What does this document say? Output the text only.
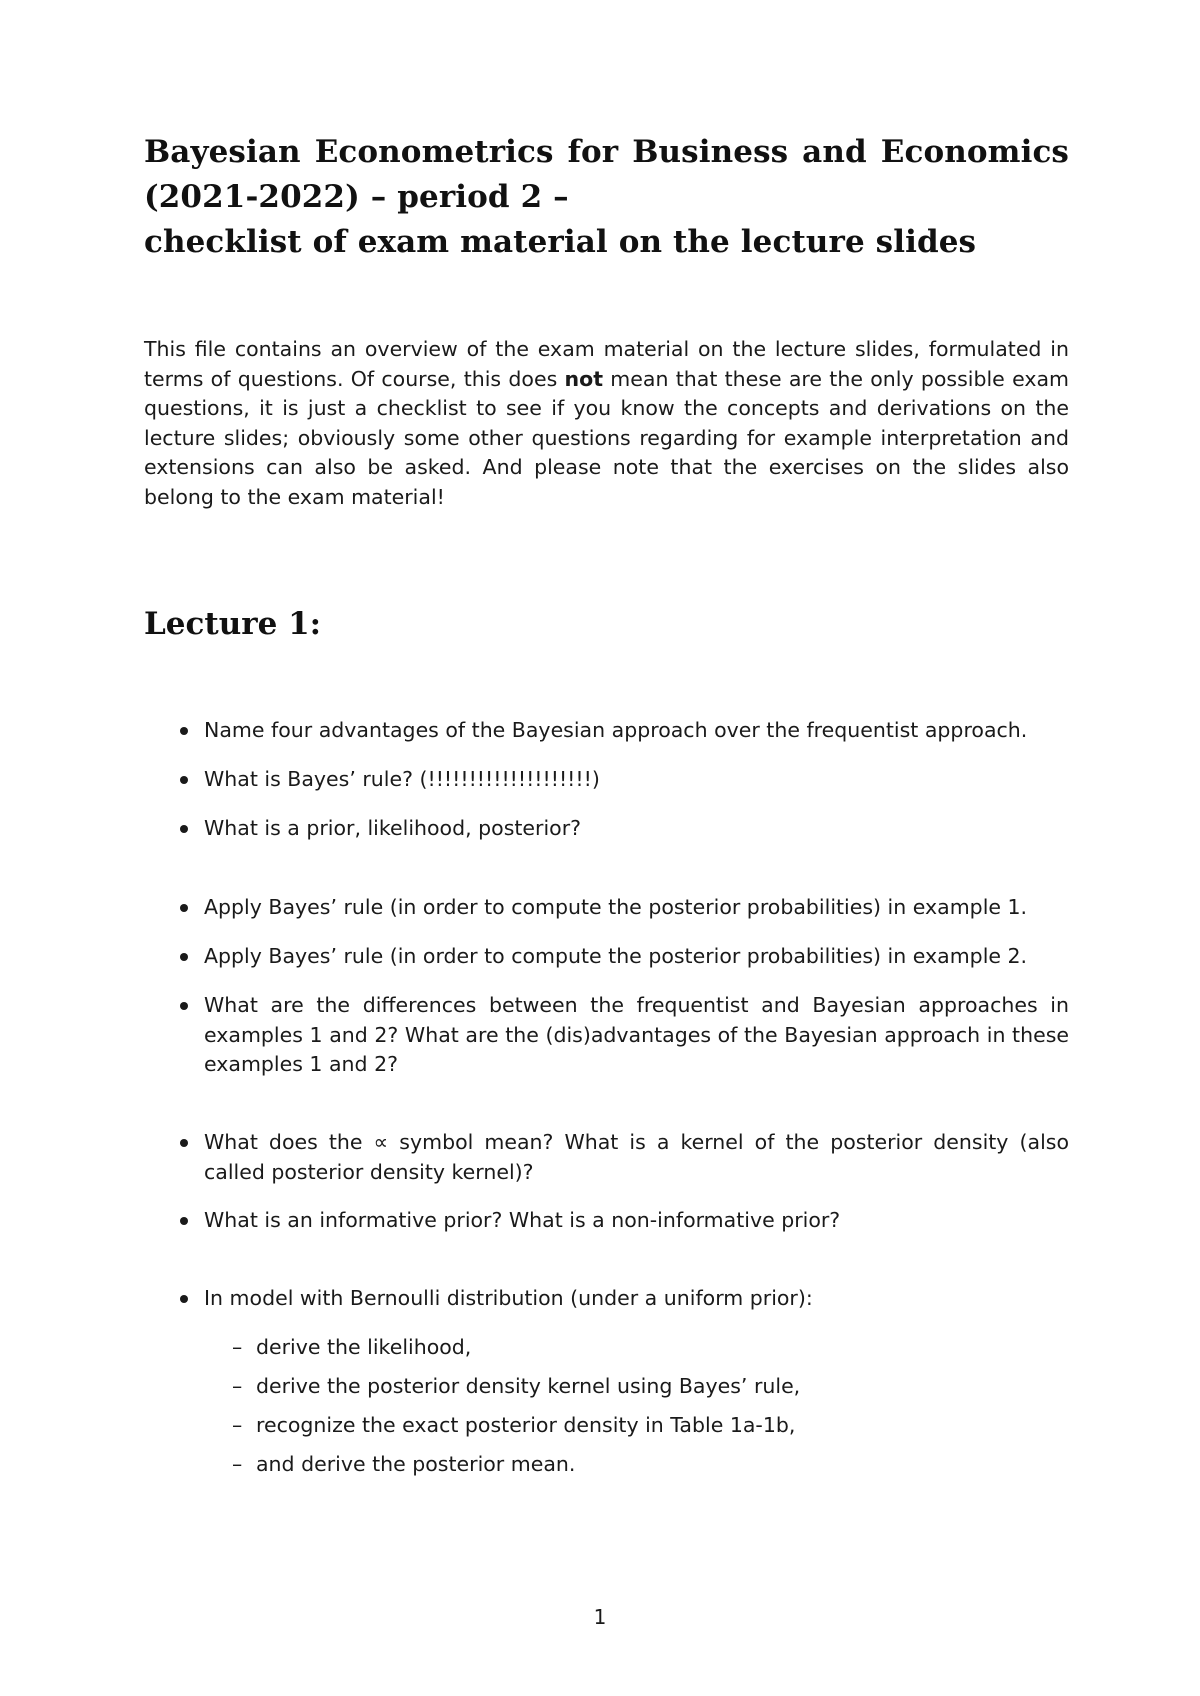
Bayesian Econometrics for Business and Economics
(2021-2022) – period 2 –
checklist of exam material on the lecture slides

This file contains an overview of the exam material on the lecture slides, formulated in terms of questions. Of course, this does not mean that these are the only possible exam questions, it is just a checklist to see if you know the concepts and derivations on the lecture slides; obviously some other questions regarding for example interpretation and extensions can also be asked. And please note that the exercises on the slides also belong to the exam material!

Lecture 1:
Name four advantages of the Bayesian approach over the frequentist approach.
What is Bayes’ rule? (!!!!!!!!!!!!!!!!!!!!)
What is a prior, likelihood, posterior?
Apply Bayes’ rule (in order to compute the posterior probabilities) in example 1.
Apply Bayes’ rule (in order to compute the posterior probabilities) in example 2.
What are the differences between the frequentist and Bayesian approaches in examples 1 and 2? What are the (dis)advantages of the Bayesian approach in these examples 1 and 2?
What does the ∝ symbol mean? What is a kernel of the posterior density (also called posterior density kernel)?
What is an informative prior? What is a non-informative prior?
In model with Bernoulli distribution (under a uniform prior):
– derive the likelihood,
– derive the posterior density kernel using Bayes’ rule,
– recognize the exact posterior density in Table 1a-1b,
– and derive the posterior mean.
1
